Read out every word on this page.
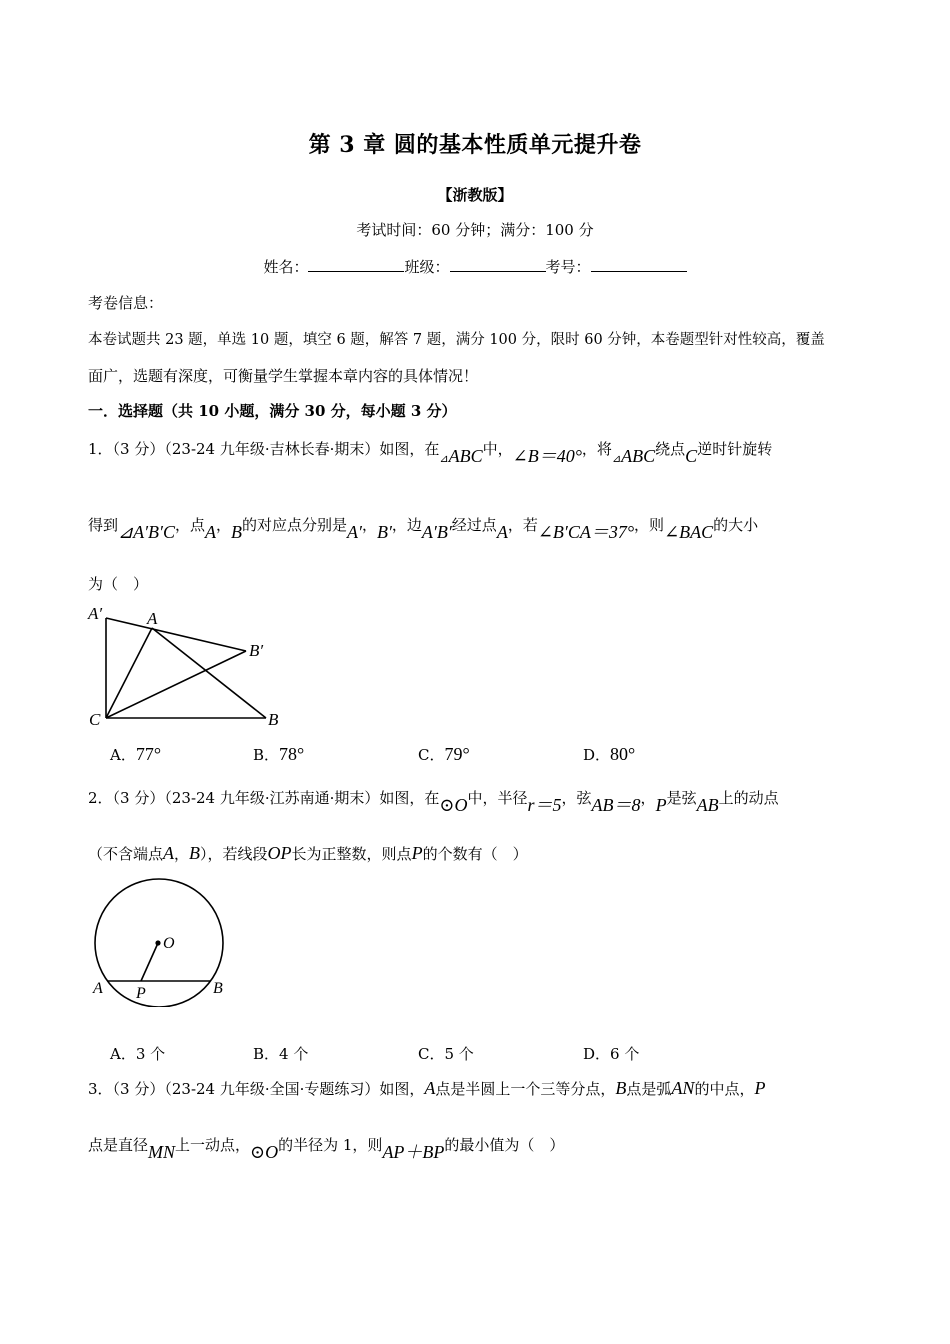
第 3 章 圆的基本性质单元提升卷
【浙教版】
考试时间：60 分钟；满分：100 分
姓名：	班级：	考号：
考卷信息：
本卷试题共 23 题，单选 10 题，填空 6 题，解答 7 题，满分 100 分，限时 60 分钟，本卷题型针对性较高，覆盖
面广，选题有深度，可衡量学生掌握本章内容的具体情况！
一．选择题（共 10 小题，满分 30 分，每小题 3 分）
1．（3 分）（23-24 九年级·吉林长春·期末）如图，在$_⊿$ABC中，∠B＝40°，将$_⊿$ABC绕点C逆时针旋转
得到⊿A′B′C，点A，B的对应点分别是A′，B′，边A′B′经过点A，若∠B′CA＝37°，则∠BAC的大小
为（　）
A′	A
B′
C	B
A．77°	B．78°	C．79°	D．80°
2．（3 分）（23-24 九年级·江苏南通·期末）如图，在⊙O中，半径r＝5，弦AB＝8，P是弦AB上的动点
（不含端点A，B），若线段OP长为正整数，则点P的个数有（　）
O
A P	B
A．3 个	B．4 个	C．5 个	D．6 个
3．（3 分）（23-24 九年级·全国·专题练习）如图，A点是半圆上一个三等分点，B点是弧AN的中点，P
点是直径MN上一动点，⊙O的半径为 1，则AP＋BP的最小值为（　）
